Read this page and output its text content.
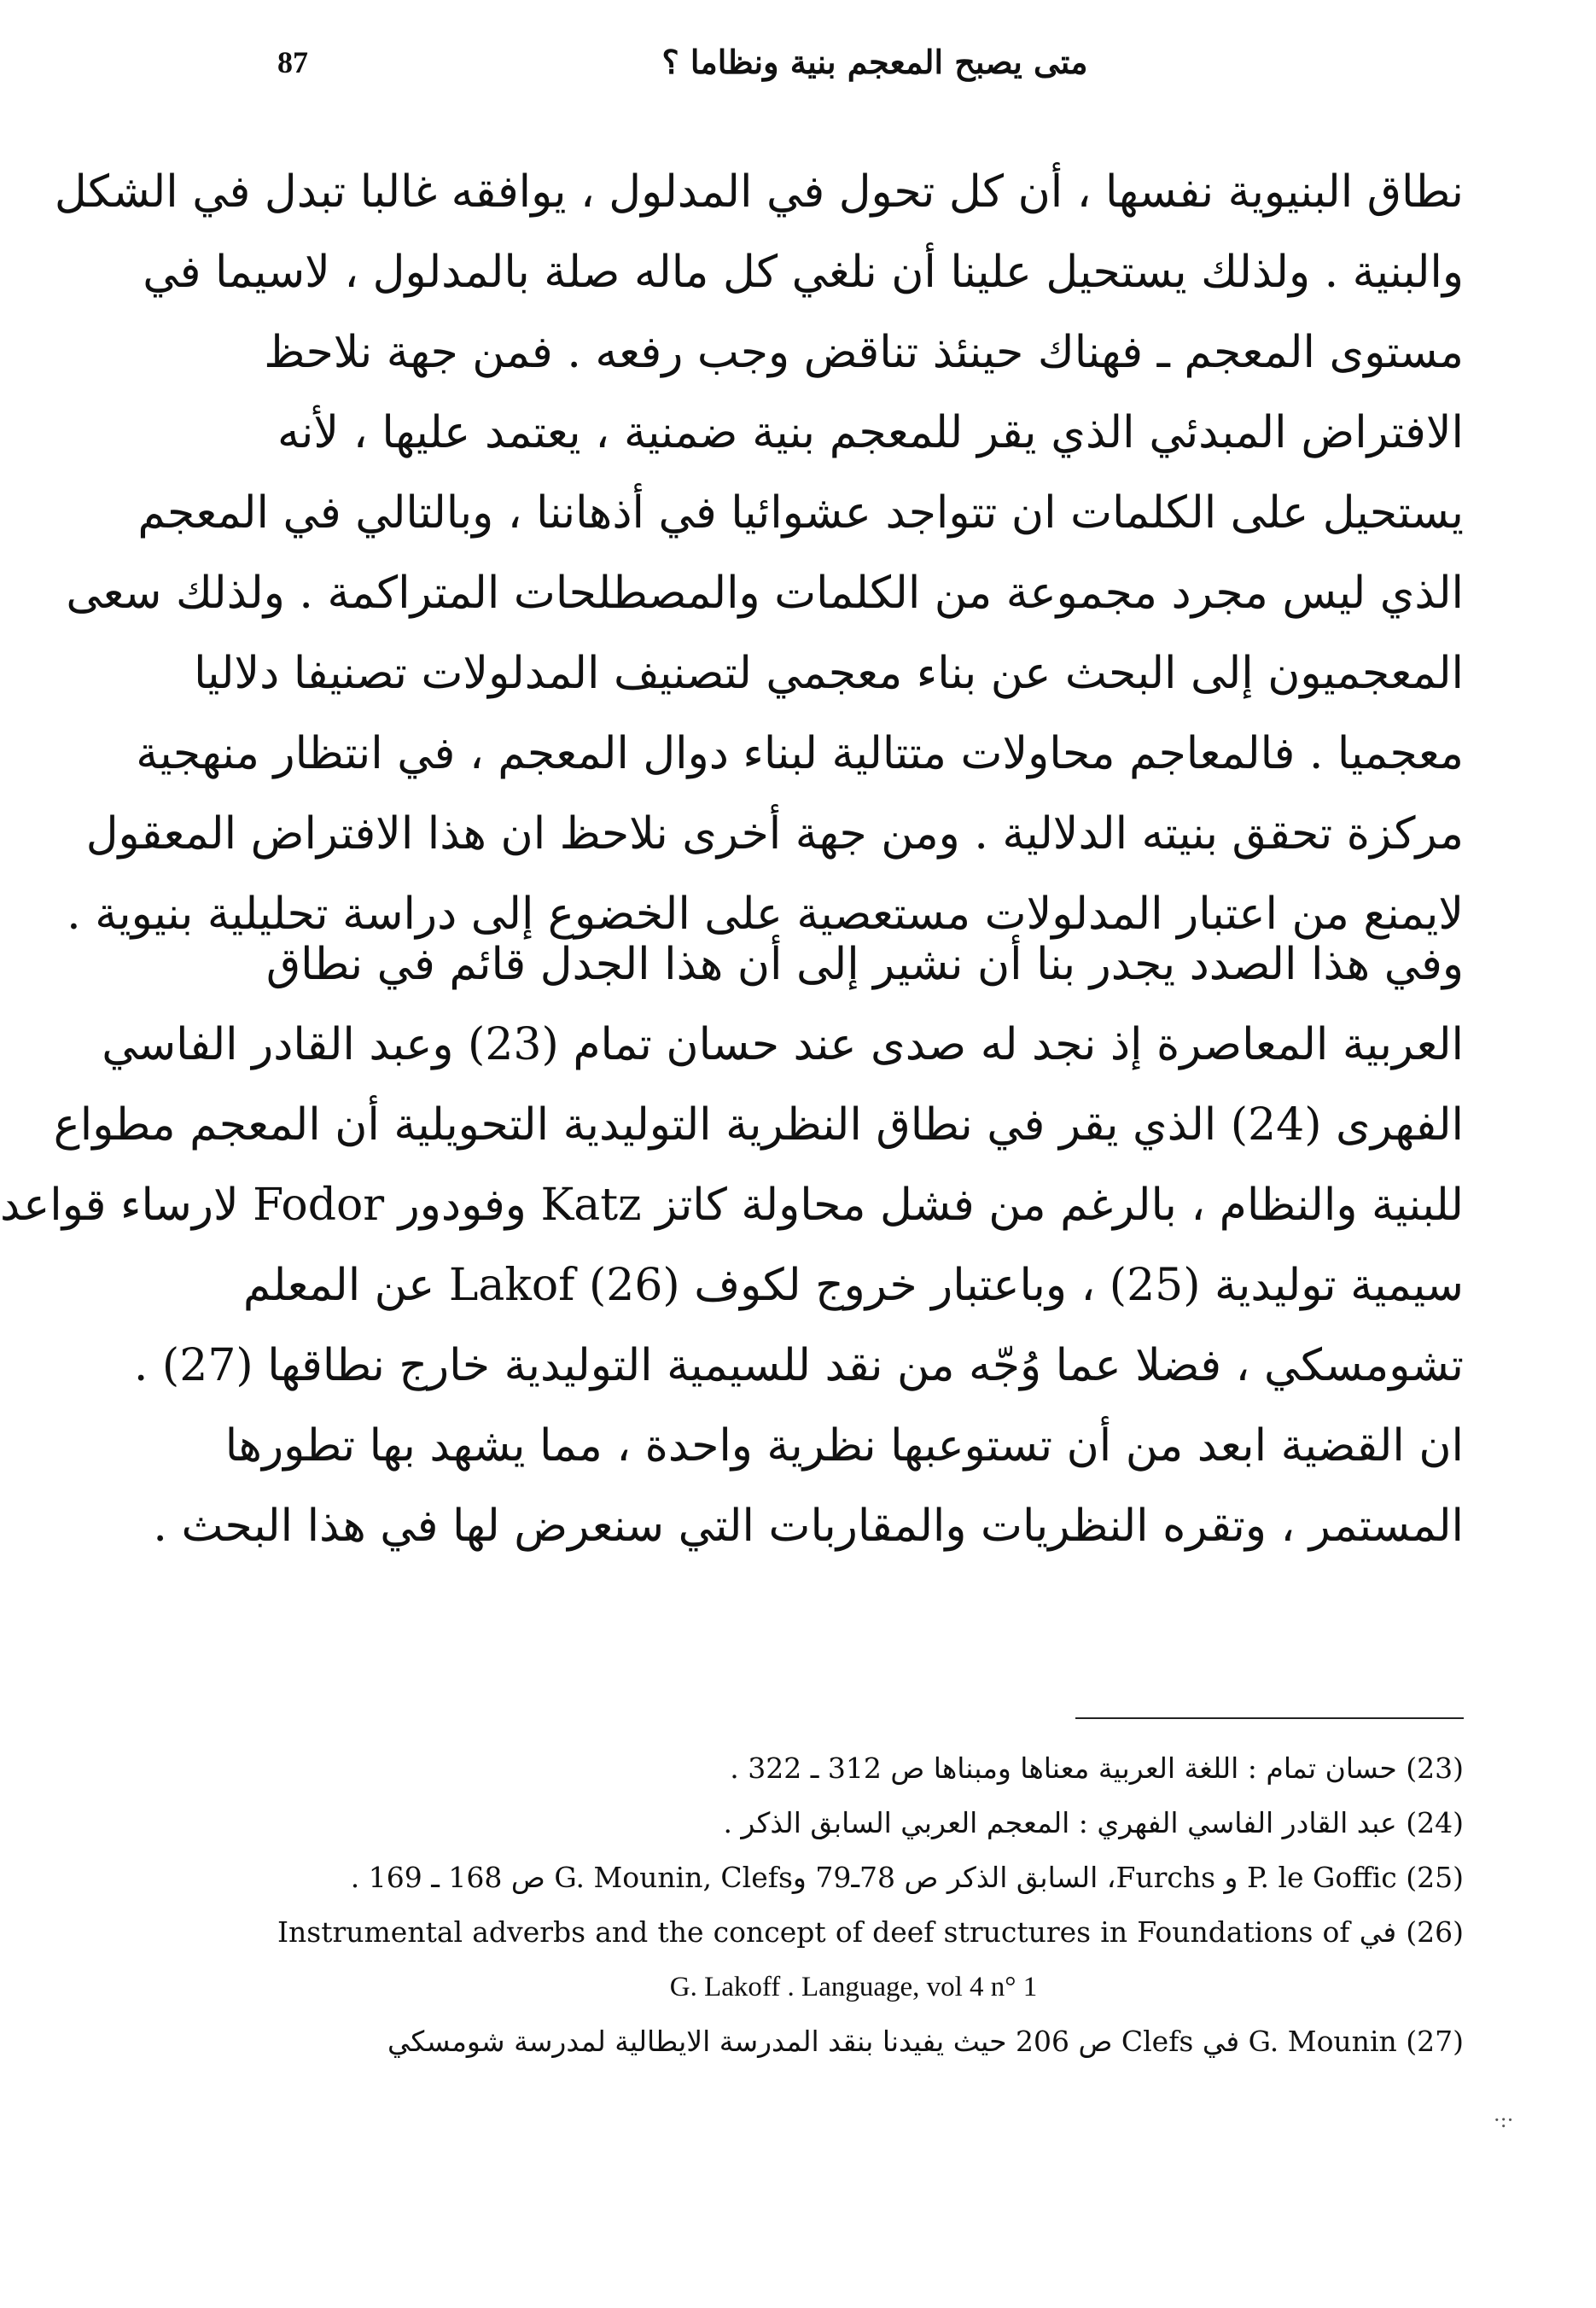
87	متى يصبح المعجم بنية ونظاما ؟
نطاق البنيوية نفسها ، أن كل تحول في المدلول ، يوافقه غالبا تبدل في الشكل
والبنية . ولذلك يستحيل علينا أن نلغي كل ماله صلة بالمدلول ، لاسيما في
مستوى المعجم ـ فهناك حينئذ تناقض وجب رفعه . فمن جهة نلاحظ
الافتراض المبدئي الذي يقر للمعجم بنية ضمنية ، يعتمد عليها ، لأنه
يستحيل على الكلمات ان تتواجد عشوائيا في أذهاننا ، وبالتالي في المعجم
الذي ليس مجرد مجموعة من الكلمات والمصطلحات المتراكمة . ولذلك سعى
المعجميون إلى البحث عن بناء معجمي لتصنيف المدلولات تصنيفا دلاليا
معجميا . فالمعاجم محاولات متتالية لبناء دوال المعجم ، في انتظار منهجية
مركزة تحقق بنيته الدلالية . ومن جهة أخرى نلاحظ ان هذا الافتراض المعقول
لايمنع من اعتبار المدلولات مستعصية على الخضوع إلى دراسة تحليلية بنيوية .
وفي هذا الصدد يجدر بنا أن نشير إلى أن هذا الجدل قائم في نطاق
العربية المعاصرة إذ نجد له صدى عند حسان تمام (23) وعبد القادر الفاسي
الفهرى (24) الذي يقر في نطاق النظرية التوليدية التحويلية أن المعجم مطواع
للبنية والنظام ، بالرغم من فشل محاولة كاتز Katz وفودور Fodor لارساء قواعد
سيمية توليدية (25) ، وباعتبار خروج لكوف Lakof (26) عن المعلم
تشومسكي ، فضلا عما وُجّه من نقد للسيمية التوليدية خارج نطاقها (27) .
ان القضية ابعد من أن تستوعبها نظرية واحدة ، مما يشهد بها تطورها
المستمر ، وتقره النظريات والمقاربات التي سنعرض لها في هذا البحث .
(23) حسان تمام : اللغة العربية معناها ومبناها ص 312 ـ 322 .
(24) عبد القادر الفاسي الفهري : المعجم العربي السابق الذكر .
(25) P. le Goffic و Furchs، السابق الذكر ص 78ـ79 وG. Mounin, Clefs ص 168 ـ 169 .
(26) في Instrumental adverbs and the concept of deef structures in Foundations of
G. Lakoff . Language, vol 4 n° 1
(27) G. Mounin في Clefs ص 206 حيث يفيدنا بنقد المدرسة الايطالية لمدرسة شومسكي
·:·
